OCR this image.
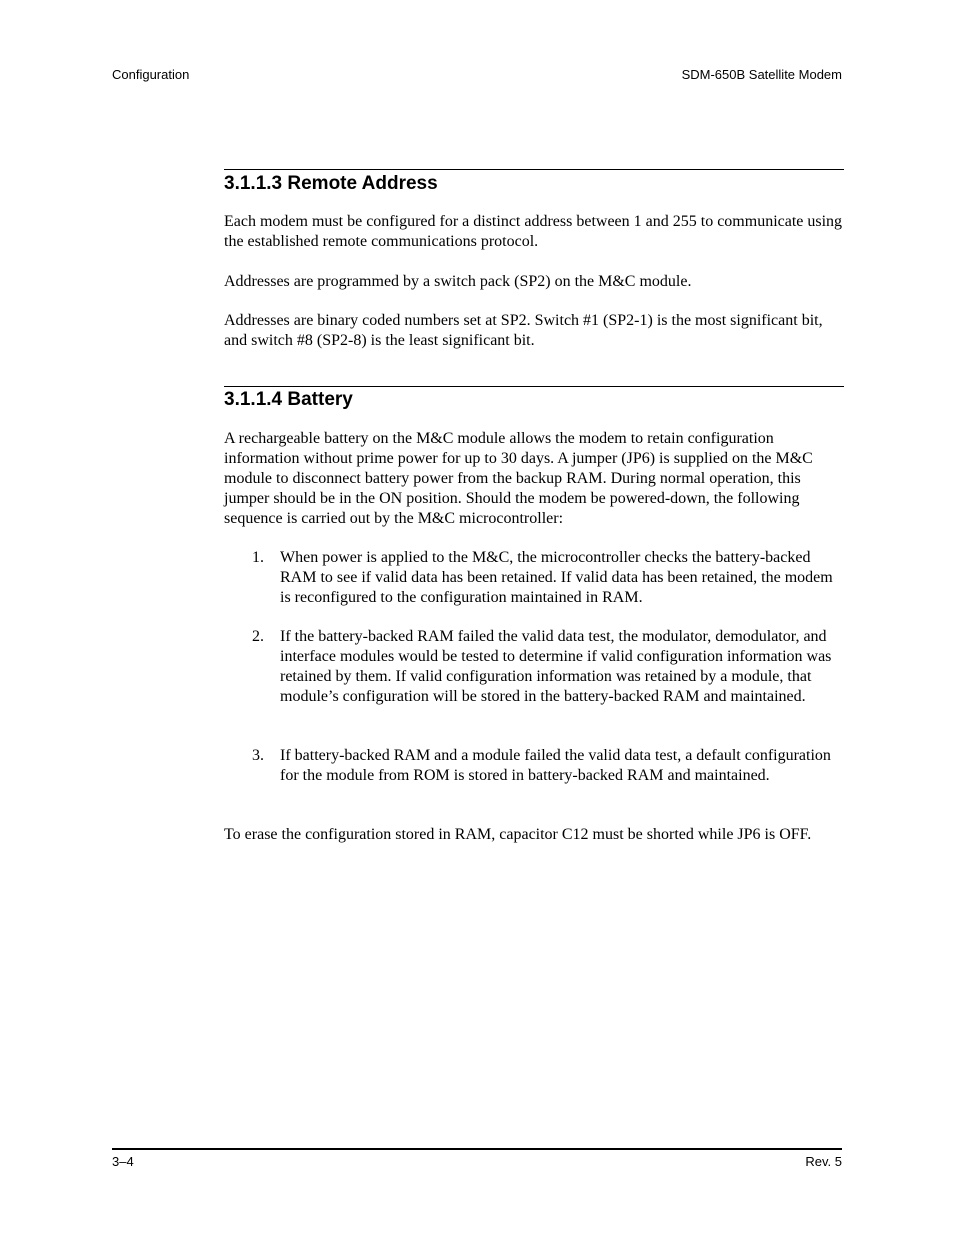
Configuration	SDM-650B Satellite Modem
3.1.1.3 Remote Address

Each modem must be configured for a distinct address between 1 and 255 to communicate using the established remote communications protocol.

Addresses are programmed by a switch pack (SP2) on the M&C module.

Addresses are binary coded numbers set at SP2. Switch #1 (SP2-1) is the most significant bit, and switch #8 (SP2-8) is the least significant bit.

3.1.1.4 Battery

A rechargeable battery on the M&C module allows the modem to retain configuration information without prime power for up to 30 days. A jumper (JP6) is supplied on the M&C module to disconnect battery power from the backup RAM. During normal operation, this jumper should be in the ON position. Should the modem be powered-down, the following sequence is carried out by the M&C microcontroller:

1. When power is applied to the M&C, the microcontroller checks the battery-backed RAM to see if valid data has been retained. If valid data has been retained, the modem is reconfigured to the configuration maintained in RAM.
2. If the battery-backed RAM failed the valid data test, the modulator, demodulator, and interface modules would be tested to determine if valid configuration information was retained by them. If valid configuration information was retained by a module, that module’s configuration will be stored in the battery-backed RAM and maintained.
3. If battery-backed RAM and a module failed the valid data test, a default configuration for the module from ROM is stored in battery-backed RAM and maintained.

To erase the configuration stored in RAM, capacitor C12 must be shorted while JP6 is OFF.

3–4	Rev. 5
